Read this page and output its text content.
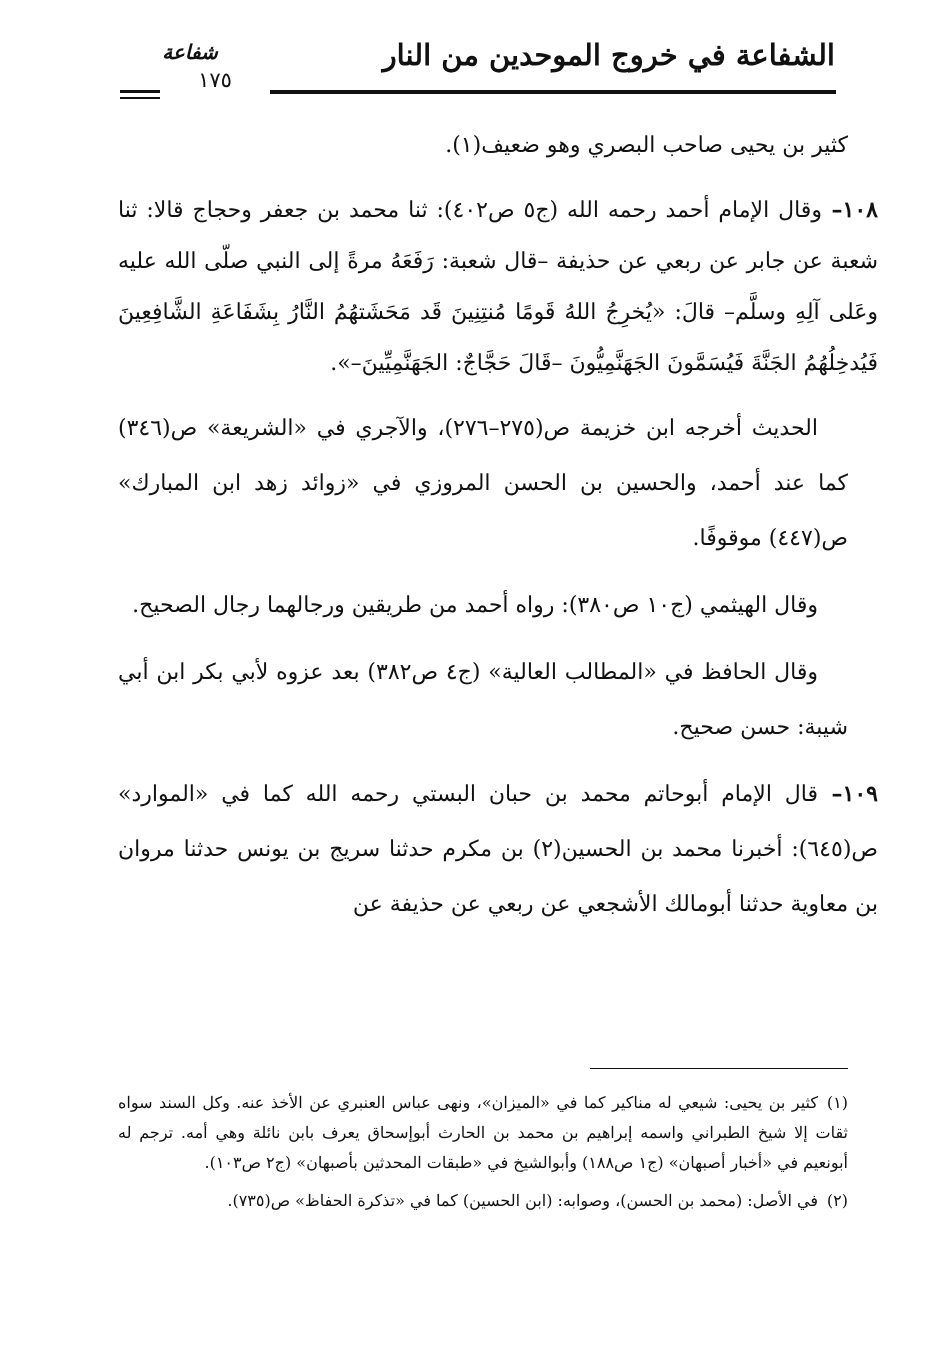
الشفاعة في خروج الموحدين من النار
شفاعة
١٧٥

كثير بن يحيى صاحب البصري وهو ضعيف(١).

١٠٨– وقال الإمام أحمد رحمه الله (ج٥ ص٤٠٢): ثنا محمد بن جعفر وحجاج قالا: ثنا شعبة عن جابر عن ربعي عن حذيفة –قال شعبة: رَفَعَهُ مرةً إلى النبي صلّى الله عليه وعَلى آلِهِ وسلَّم– قالَ: «يُخرِجُ اللهُ قَومًا مُنتِنِينَ قَد مَحَشَتهُمُ النَّارُ بِشَفَاعَةِ الشَّافِعِينَ فَيُدخِلُهُمُ الجَنَّةَ فَيُسَمَّونَ الجَهَنَّمِيُّونَ –قَالَ حَجَّاجٌ: الجَهَنَّمِيِّينَ–».

الحديث أخرجه ابن خزيمة ص(٢٧٥–٢٧٦)، والآجري في «الشريعة» ص(٣٤٦) كما عند أحمد، والحسين بن الحسن المروزي في «زوائد زهد ابن المبارك» ص(٤٤٧) موقوفًا.

وقال الهيثمي (ج١٠ ص٣٨٠): رواه أحمد من طريقين ورجالهما رجال الصحيح.

وقال الحافظ في «المطالب العالية» (ج٤ ص٣٨٢) بعد عزوه لأبي بكر ابن أبي شيبة: حسن صحيح.

١٠٩– قال الإمام أبوحاتم محمد بن حبان البستي رحمه الله كما في «الموارد» ص(٦٤٥): أخبرنا محمد بن الحسين(٢) بن مكرم حدثنا سريج بن يونس حدثنا مروان بن معاوية حدثنا أبومالك الأشجعي عن ربعي عن حذيفة عن

(١)كثير بن يحيى: شيعي له مناكير كما في «الميزان»، ونهى عباس العنبري عن الأخذ عنه. وكل السند سواه ثقات إلا شيخ الطبراني واسمه إبراهيم بن محمد بن الحارث أبوإسحاق يعرف بابن نائلة وهي أمه. ترجم له أبونعيم في «أخبار أصبهان» (ج١ ص١٨٨) وأبوالشيخ في «طبقات المحدثين بأصبهان» (ج٢ ص١٠٣).

(٢)في الأصل: (محمد بن الحسن)، وصوابه: (ابن الحسين) كما في «تذكرة الحفاظ» ص(٧٣٥).
